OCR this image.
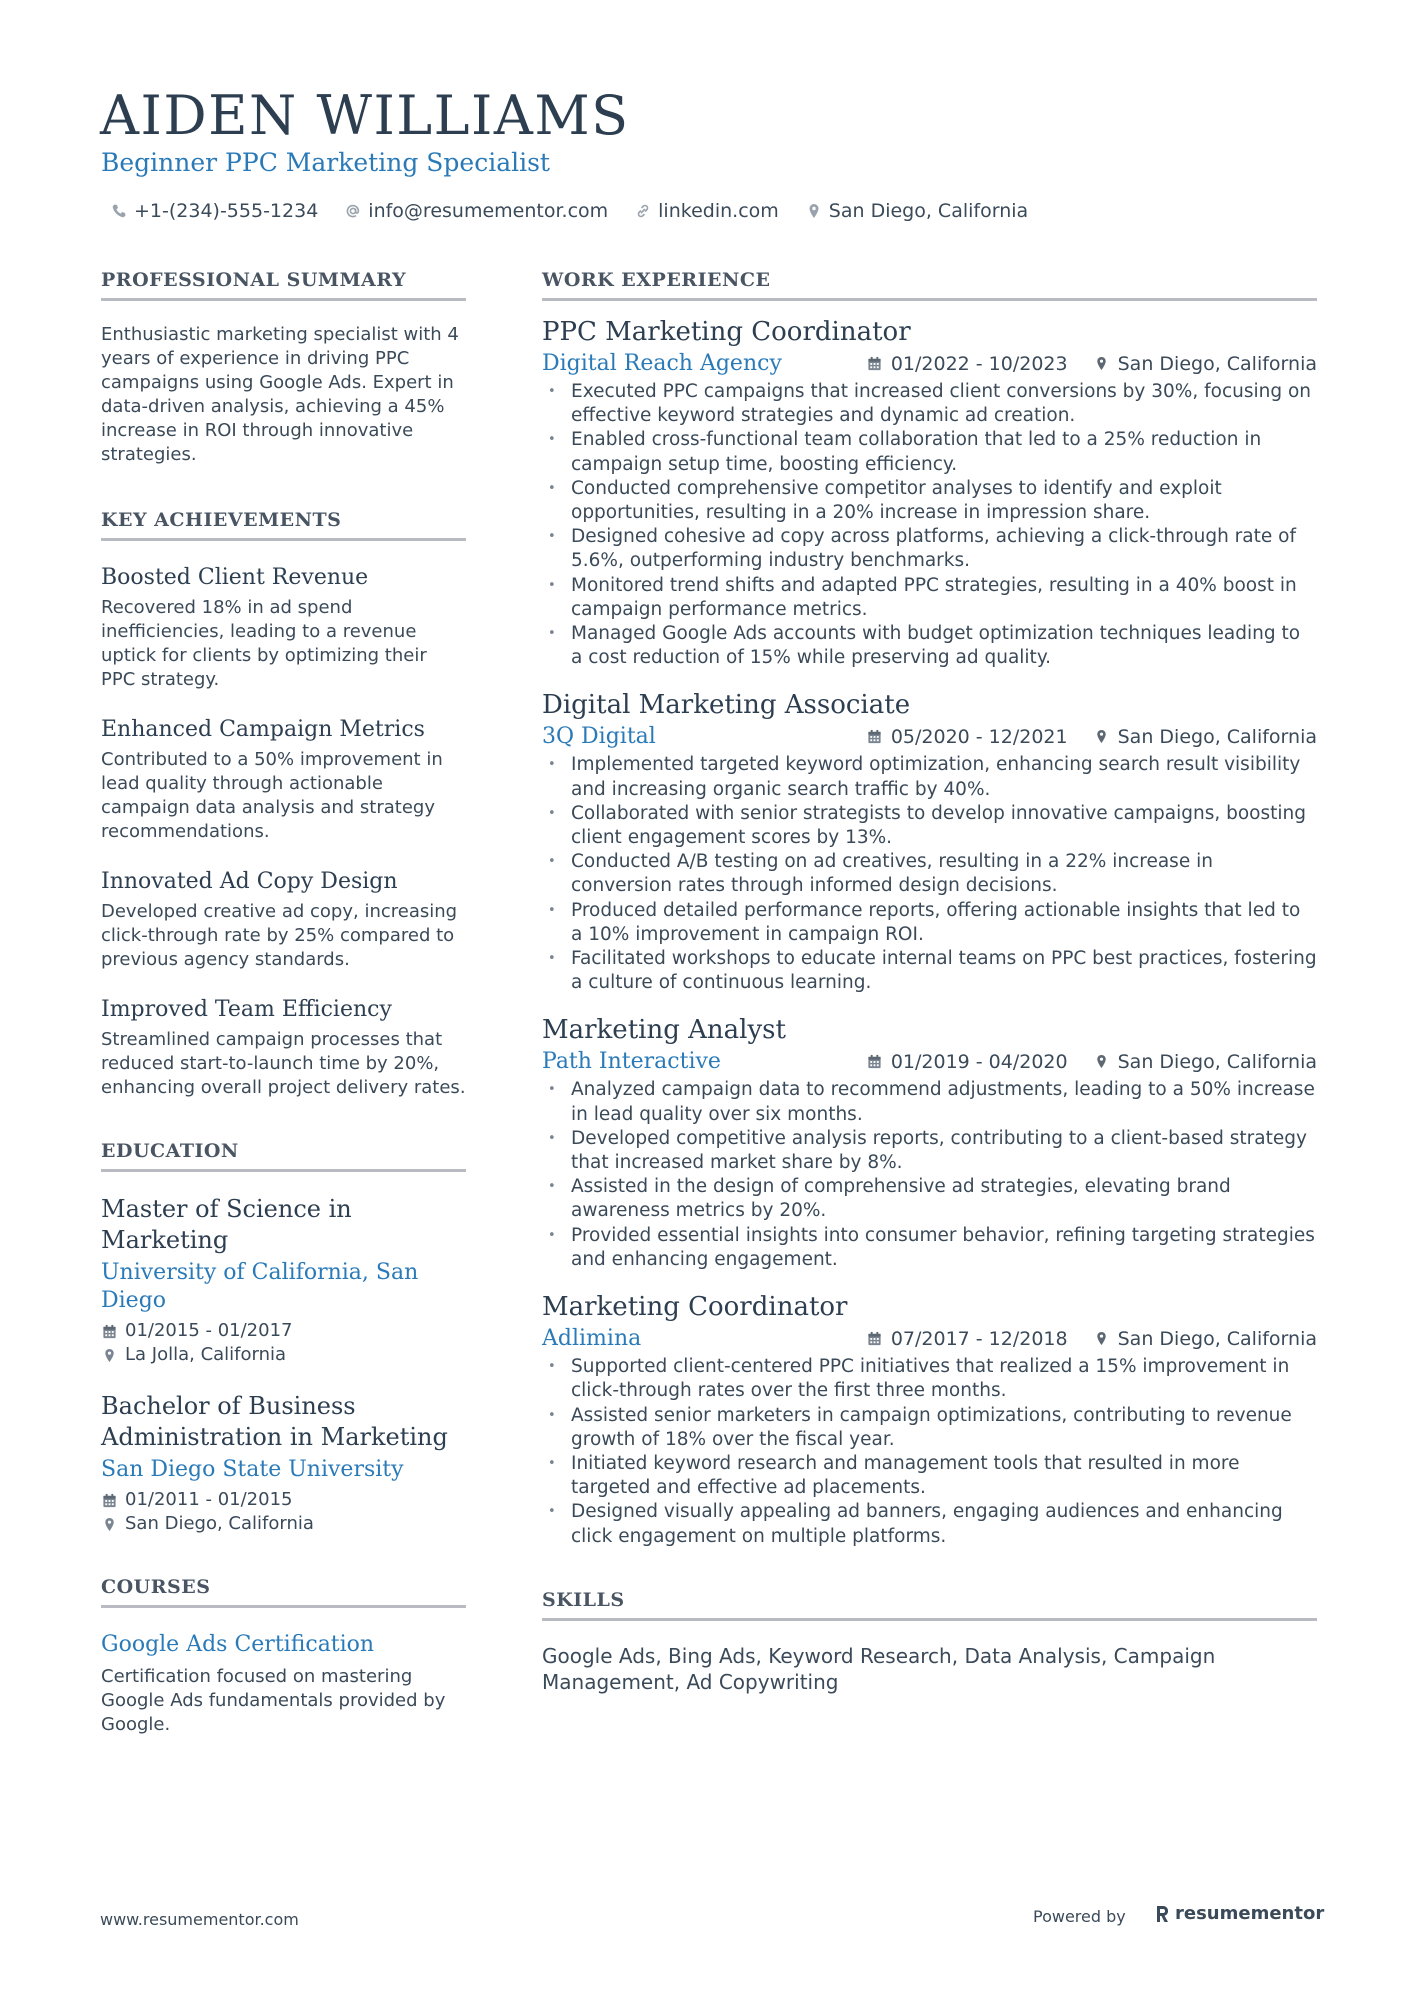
AIDEN WILLIAMS
Beginner PPC Marketing Specialist
+1-(234)-555-1234	info@resumementor.com	linkedin.com	San Diego, California
PROFESSIONAL SUMMARY

Enthusiastic marketing specialist with 4 years of experience in driving PPC campaigns using Google Ads. Expert in data-driven analysis, achieving a 45% increase in ROI through innovative strategies.

KEY ACHIEVEMENTS
Boosted Client Revenue

Recovered 18% in ad spend inefficiencies, leading to a revenue uptick for clients by optimizing their PPC strategy.

Enhanced Campaign Metrics

Contributed to a 50% improvement in lead quality through actionable campaign data analysis and strategy recommendations.

Innovated Ad Copy Design

Developed creative ad copy, increasing click-through rate by 25% compared to previous agency standards.

Improved Team Efficiency

Streamlined campaign processes that reduced start-to-launch time by 20%, enhancing overall project delivery rates.

EDUCATION
Master of Science in Marketing
University of California, San Diego
01/2015 - 01/2017
La Jolla, California
Bachelor of Business Administration in Marketing
San Diego State University
01/2011 - 01/2015
San Diego, California
COURSES
Google Ads Certification

Certification focused on mastering Google Ads fundamentals provided by Google.

WORK EXPERIENCE
PPC Marketing Coordinator
Digital Reach Agency	01/2022 - 10/2023	San Diego, California
• Executed PPC campaigns that increased client conversions by 30%, focusing on effective keyword strategies and dynamic ad creation.
• Enabled cross-functional team collaboration that led to a 25% reduction in campaign setup time, boosting efficiency.
• Conducted comprehensive competitor analyses to identify and exploit opportunities, resulting in a 20% increase in impression share.
• Designed cohesive ad copy across platforms, achieving a click-through rate of 5.6%, outperforming industry benchmarks.
• Monitored trend shifts and adapted PPC strategies, resulting in a 40% boost in campaign performance metrics.
• Managed Google Ads accounts with budget optimization techniques leading to a cost reduction of 15% while preserving ad quality.
Digital Marketing Associate
3Q Digital	05/2020 - 12/2021	San Diego, California
• Implemented targeted keyword optimization, enhancing search result visibility and increasing organic search traffic by 40%.
• Collaborated with senior strategists to develop innovative campaigns, boosting client engagement scores by 13%.
• Conducted A/B testing on ad creatives, resulting in a 22% increase in conversion rates through informed design decisions.
• Produced detailed performance reports, offering actionable insights that led to a 10% improvement in campaign ROI.
• Facilitated workshops to educate internal teams on PPC best practices, fostering a culture of continuous learning.
Marketing Analyst
Path Interactive	01/2019 - 04/2020	San Diego, California
• Analyzed campaign data to recommend adjustments, leading to a 50% increase in lead quality over six months.
• Developed competitive analysis reports, contributing to a client-based strategy that increased market share by 8%.
• Assisted in the design of comprehensive ad strategies, elevating brand awareness metrics by 20%.
• Provided essential insights into consumer behavior, refining targeting strategies and enhancing engagement.
Marketing Coordinator
Adlimina	07/2017 - 12/2018	San Diego, California
• Supported client-centered PPC initiatives that realized a 15% improvement in click-through rates over the first three months.
• Assisted senior marketers in campaign optimizations, contributing to revenue growth of 18% over the fiscal year.
• Initiated keyword research and management tools that resulted in more targeted and effective ad placements.
• Designed visually appealing ad banners, engaging audiences and enhancing click engagement on multiple platforms.
SKILLS

Google Ads, Bing Ads, Keyword Research, Data Analysis, Campaign Management, Ad Copywriting

www.resumementor.com	Powered by	resumementor
